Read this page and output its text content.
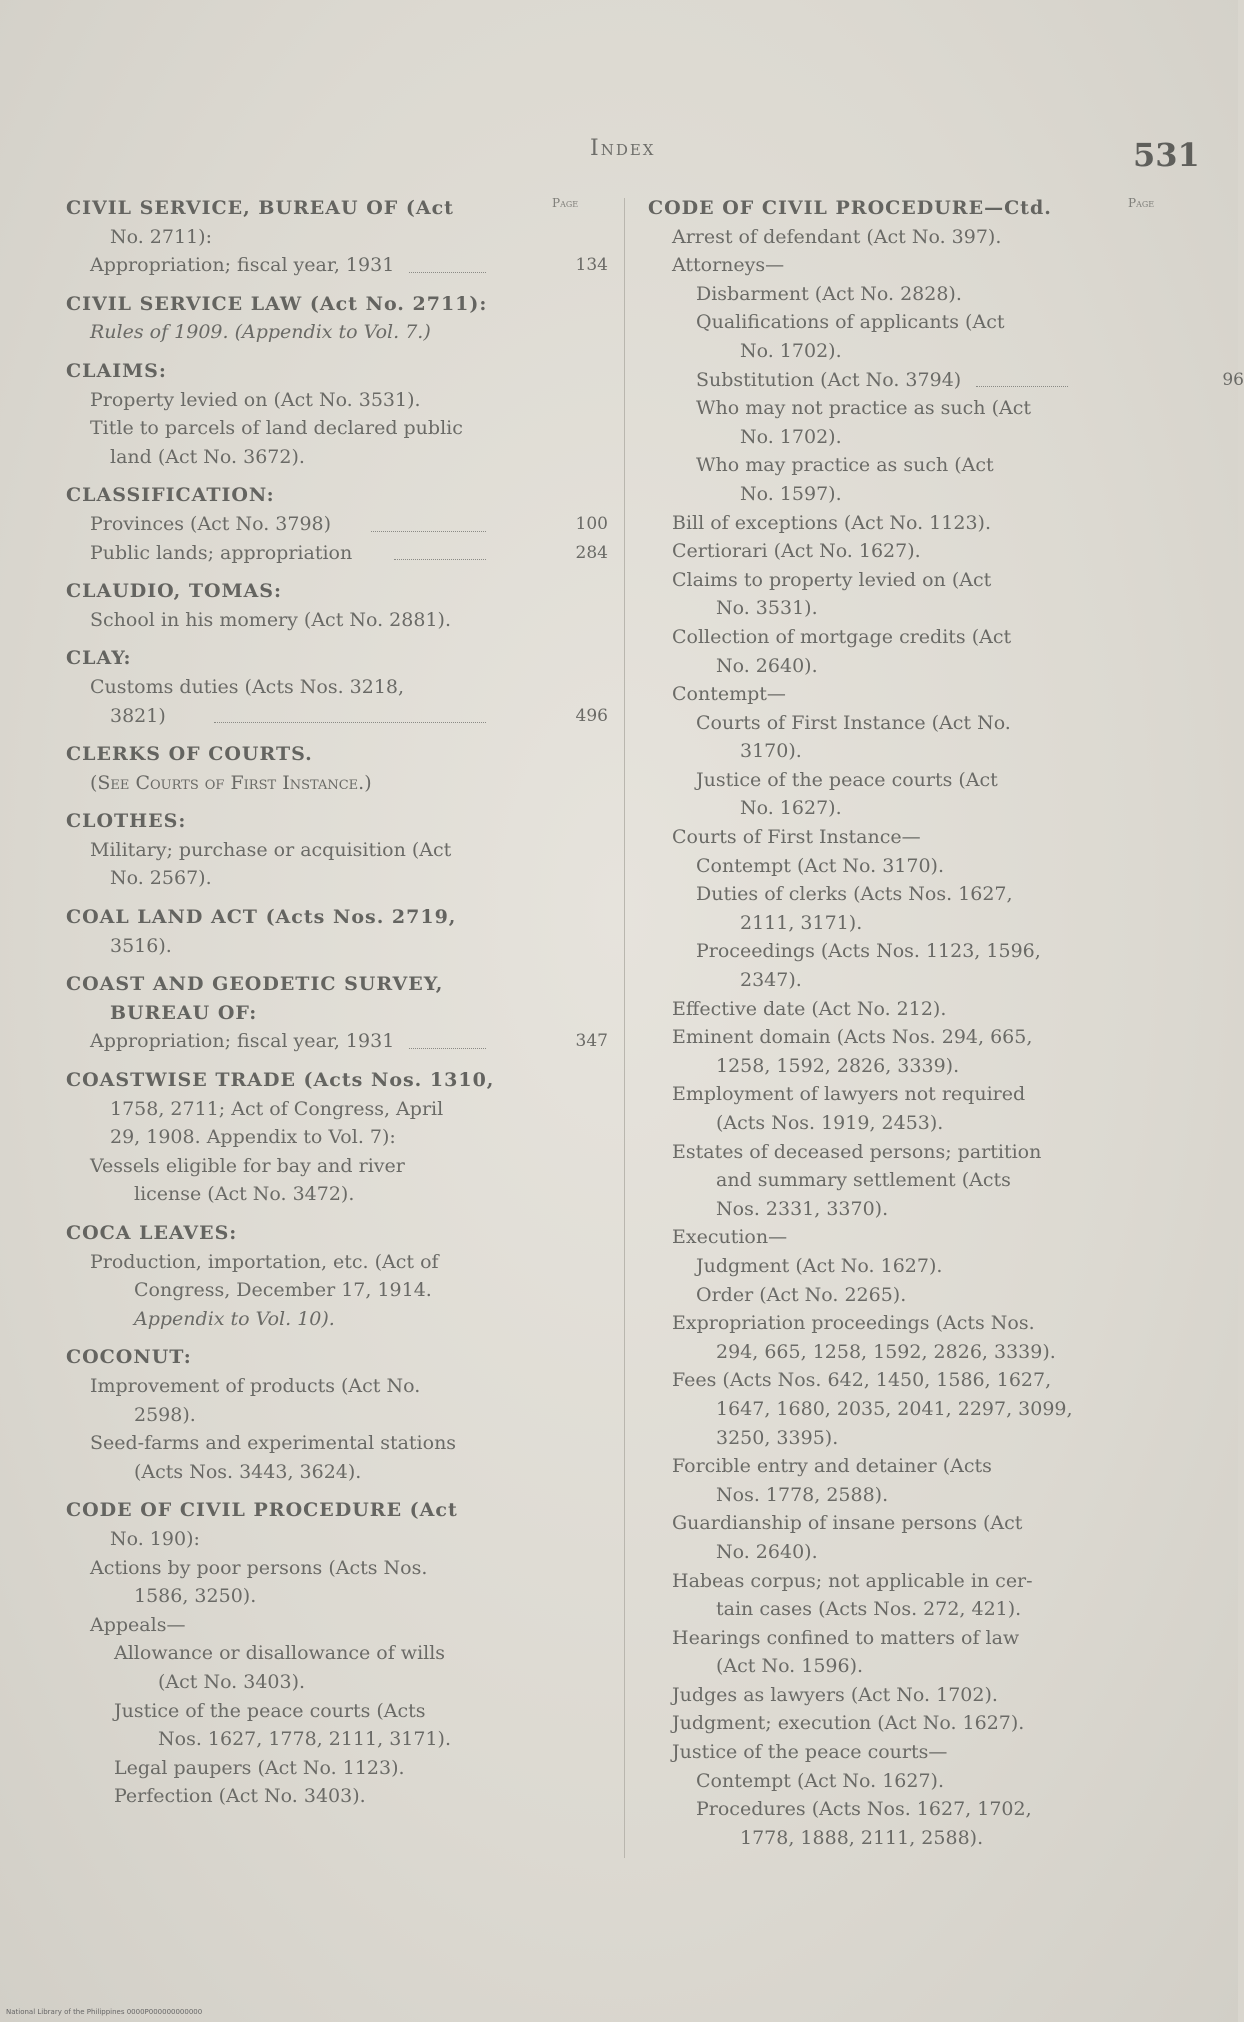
Index	531
Page	Page
CIVIL SERVICE, BUREAU OF (Act
No. 2711):
Appropriation; fiscal year, 1931	134
CIVIL SERVICE LAW (Act No. 2711):
Rules of 1909. (Appendix to Vol. 7.)
CLAIMS:
Property levied on (Act No. 3531).
Title to parcels of land declared public
land (Act No. 3672).
CLASSIFICATION:
Provinces (Act No. 3798)	100
Public lands; appropriation	284
CLAUDIO, TOMAS:
School in his momery (Act No. 2881).
CLAY:
Customs duties (Acts Nos. 3218,
3821)	496
CLERKS OF COURTS.
(See Courts of First Instance.)
CLOTHES:
Military; purchase or acquisition (Act
No. 2567).
COAL LAND ACT (Acts Nos. 2719,
3516).
COAST AND GEODETIC SURVEY,
BUREAU OF:
Appropriation; fiscal year, 1931	347
COASTWISE TRADE (Acts Nos. 1310,
1758, 2711; Act of Congress, April
29, 1908. Appendix to Vol. 7):
Vessels eligible for bay and river
license (Act No. 3472).
COCA LEAVES:
Production, importation, etc. (Act of
Congress, December 17, 1914.
Appendix to Vol. 10).
COCONUT:
Improvement of products (Act No.
2598).
Seed-farms and experimental stations
(Acts Nos. 3443, 3624).
CODE OF CIVIL PROCEDURE (Act
No. 190):
Actions by poor persons (Acts Nos.
1586, 3250).
Appeals—
Allowance or disallowance of wills
(Act No. 3403).
Justice of the peace courts (Acts
Nos. 1627, 1778, 2111, 3171).
Legal paupers (Act No. 1123).
Perfection (Act No. 3403).
CODE OF CIVIL PROCEDURE—Ctd.
Arrest of defendant (Act No. 397).
Attorneys—
Disbarment (Act No. 2828).
Qualifications of applicants (Act
No. 1702).
Substitution (Act No. 3794)	96
Who may not practice as such (Act
No. 1702).
Who may practice as such (Act
No. 1597).
Bill of exceptions (Act No. 1123).
Certiorari (Act No. 1627).
Claims to property levied on (Act
No. 3531).
Collection of mortgage credits (Act
No. 2640).
Contempt—
Courts of First Instance (Act No.
3170).
Justice of the peace courts (Act
No. 1627).
Courts of First Instance—
Contempt (Act No. 3170).
Duties of clerks (Acts Nos. 1627,
2111, 3171).
Proceedings (Acts Nos. 1123, 1596,
2347).
Effective date (Act No. 212).
Eminent domain (Acts Nos. 294, 665,
1258, 1592, 2826, 3339).
Employment of lawyers not required
(Acts Nos. 1919, 2453).
Estates of deceased persons; partition
and summary settlement (Acts
Nos. 2331, 3370).
Execution—
Judgment (Act No. 1627).
Order (Act No. 2265).
Expropriation proceedings (Acts Nos.
294, 665, 1258, 1592, 2826, 3339).
Fees (Acts Nos. 642, 1450, 1586, 1627,
1647, 1680, 2035, 2041, 2297, 3099,
3250, 3395).
Forcible entry and detainer (Acts
Nos. 1778, 2588).
Guardianship of insane persons (Act
No. 2640).
Habeas corpus; not applicable in cer-
tain cases (Acts Nos. 272, 421).
Hearings confined to matters of law
(Act No. 1596).
Judges as lawyers (Act No. 1702).
Judgment; execution (Act No. 1627).
Justice of the peace courts—
Contempt (Act No. 1627).
Procedures (Acts Nos. 1627, 1702,
1778, 1888, 2111, 2588).
National Library of the Philippines 0000P000000000000
